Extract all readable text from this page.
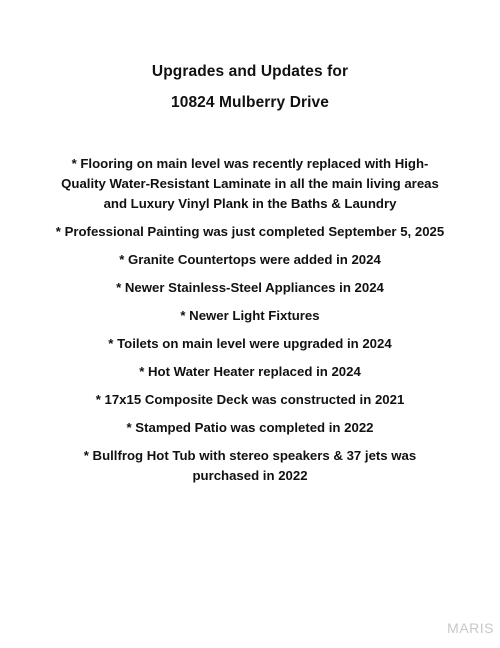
Upgrades and Updates for
10824 Mulberry Drive
* Flooring on main level was recently replaced with High-
Quality Water-Resistant Laminate in all the main living areas
and Luxury Vinyl Plank in the Baths & Laundry
* Professional Painting was just completed September 5, 2025
* Granite Countertops were added in 2024
* Newer Stainless-Steel Appliances in 2024
* Newer Light Fixtures
* Toilets on main level were upgraded in 2024
* Hot Water Heater replaced in 2024
* 17x15 Composite Deck was constructed in 2021
* Stamped Patio was completed in 2022
* Bullfrog Hot Tub with stereo speakers & 37 jets was
purchased in 2022
MARIS
